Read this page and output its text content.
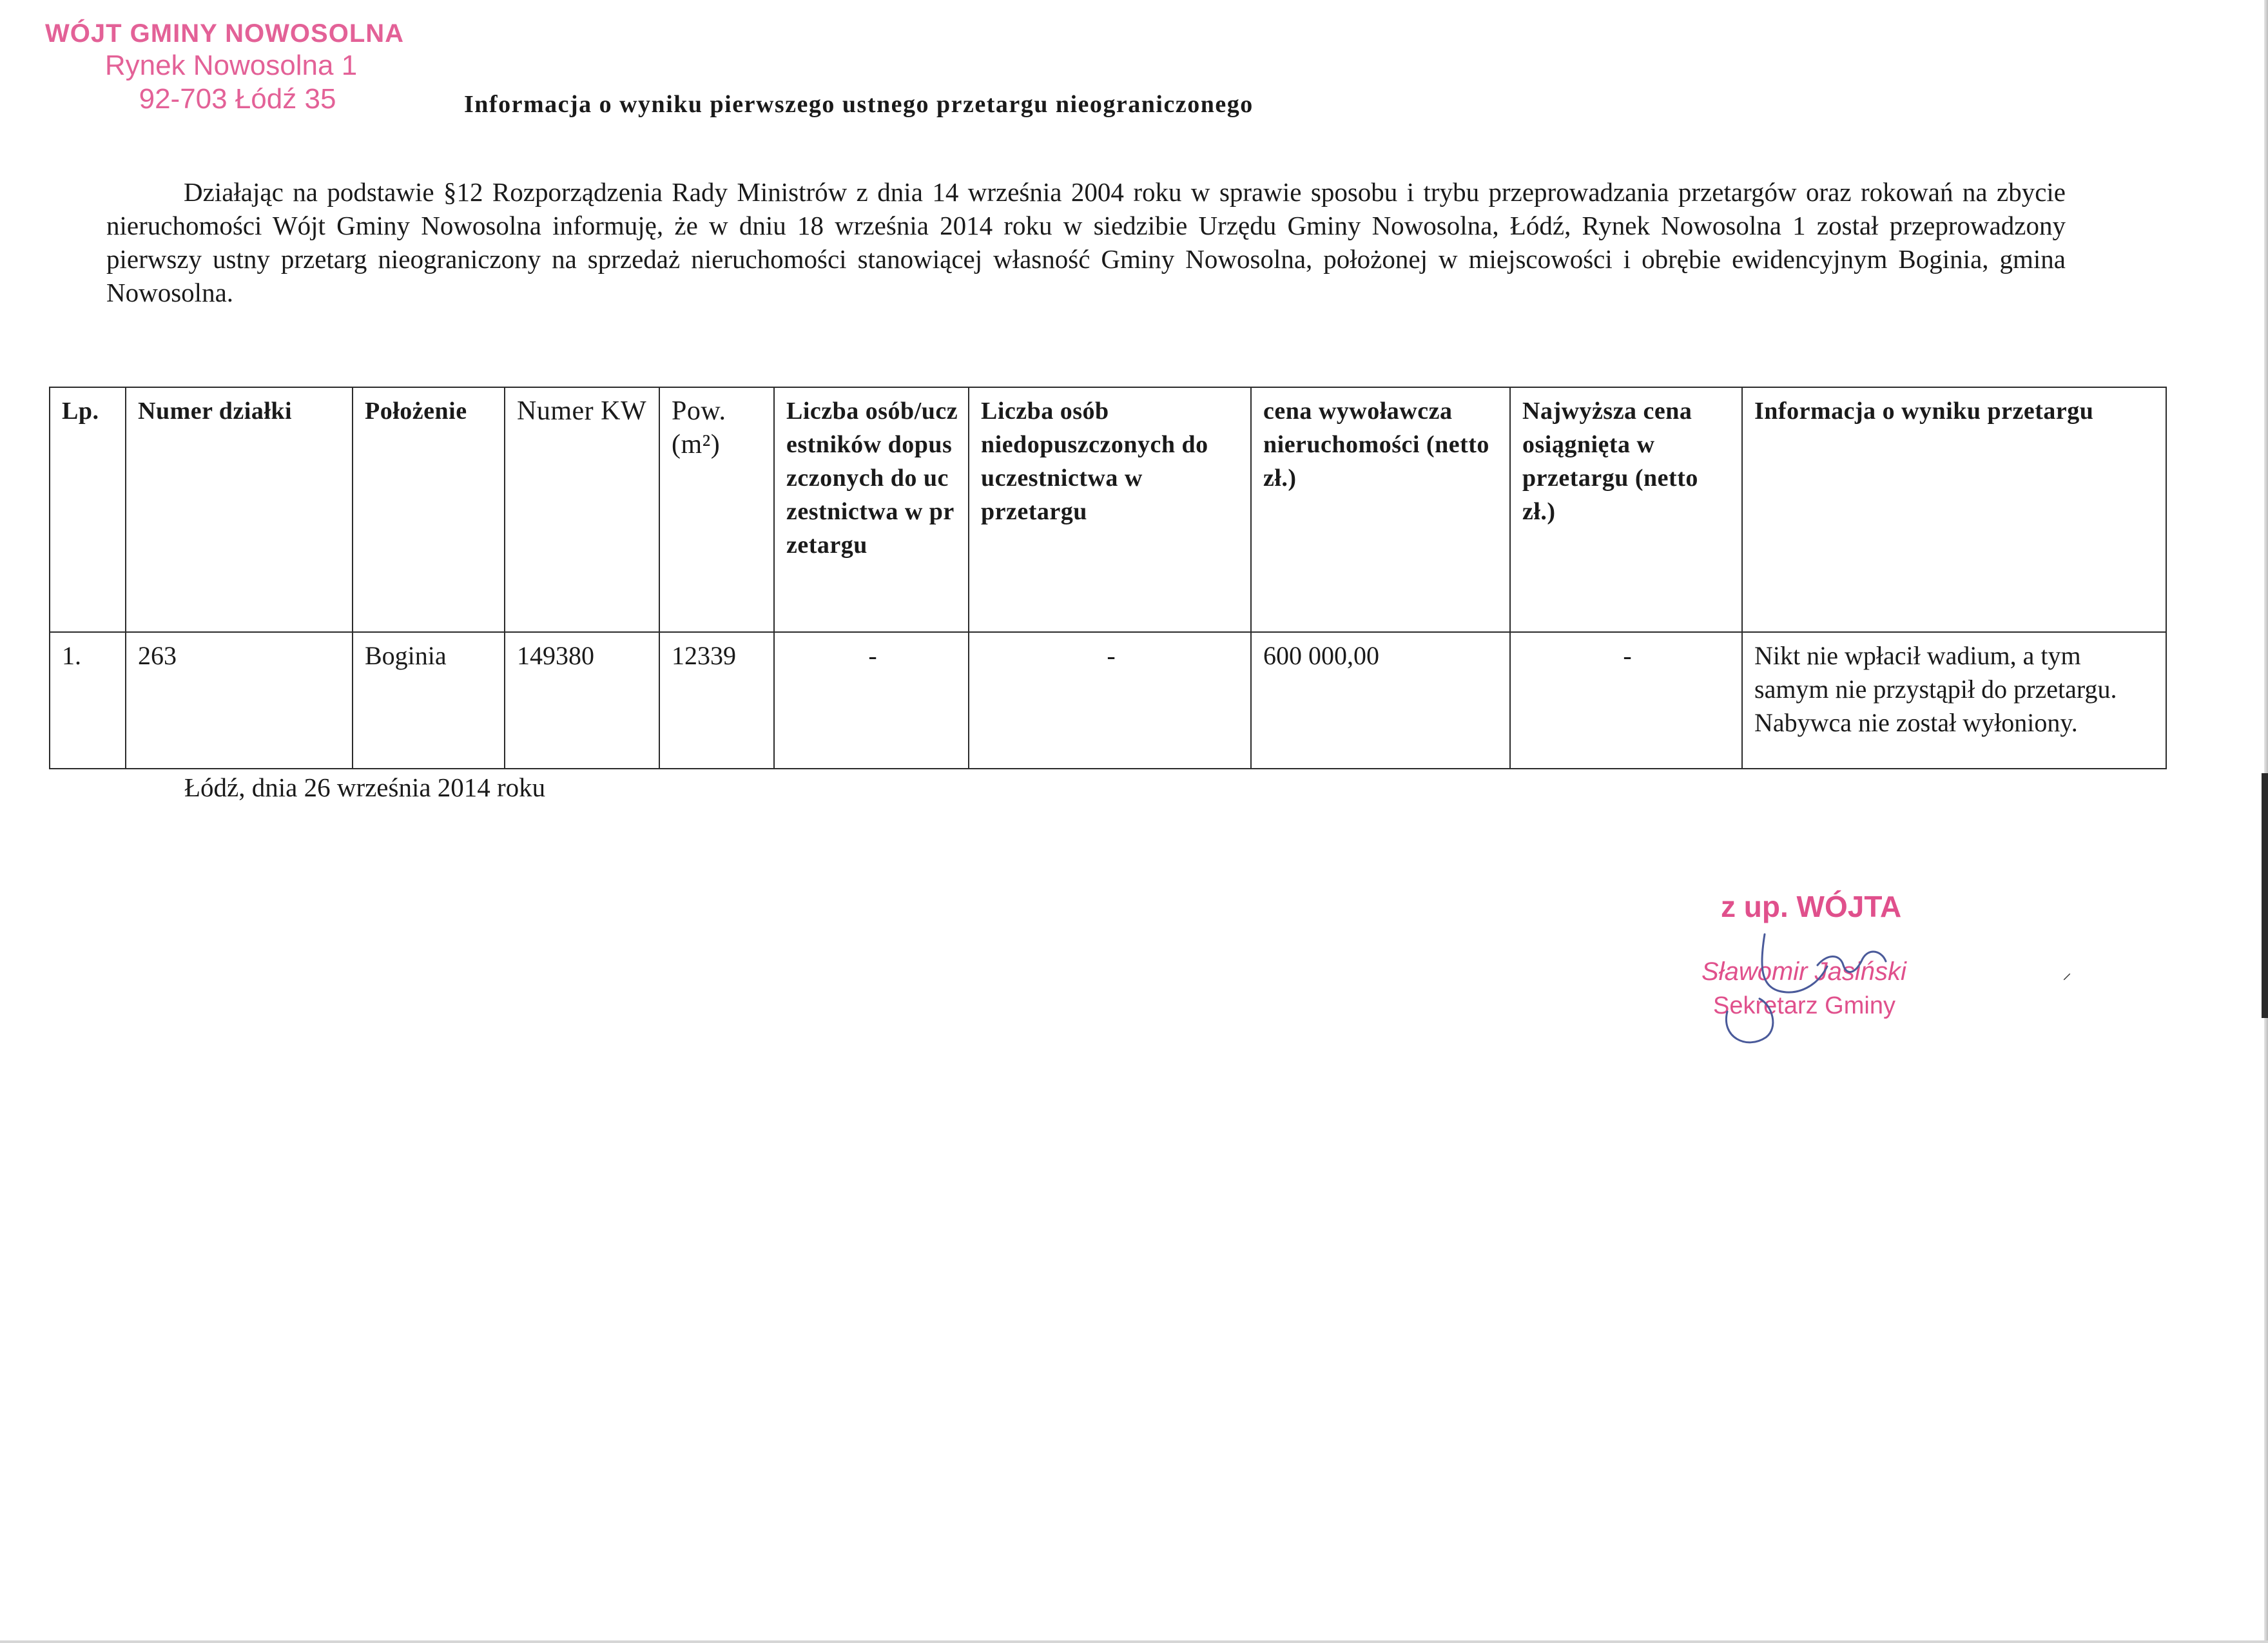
WÓJT GMINY NOWOSOLNA
Rynek Nowosolna 1
92-703 Łódź 35	Informacja o wyniku pierwszego ustnego przetargu nieograniczonego
Działając na podstawie §12 Rozporządzenia Rady Ministrów z dnia 14 września 2004 roku w sprawie sposobu i trybu przeprowadzania przetargów oraz rokowań na zbycie nieruchomości Wójt Gminy Nowosolna informuję, że w dniu 18 września 2014 roku w siedzibie Urzędu Gminy Nowosolna, Łódź, Rynek Nowosolna 1 został przeprowadzony pierwszy ustny przetarg nieograniczony na sprzedaż nieruchomości stanowiącej własność Gminy Nowosolna, położonej w miejscowości i obrębie ewidencyjnym Boginia, gmina Nowosolna.
Lp.	Numer działki	Położenie	Numer KW	Pow. (m²)	Liczba osób/uczestników dopuszczonych do uczestnictwa w przetargu	Liczba osób niedopuszczonych do uczestnictwa w przetargu	cena wywoławcza nieruchomości (netto zł.)	Najwyższa cena osiągnięta w przetargu (netto zł.)	Informacja o wyniku przetargu
1.	263	Boginia	149380	12339	-	-	600 000,00	-	Nikt nie wpłacił wadium, a tym samym nie przystąpił do przetargu.
Nabywca nie został wyłoniony.
Łódź, dnia 26 września 2014 roku
z up. WÓJTA
Sławomir Jasiński
Sekretarz Gminy
⸝
